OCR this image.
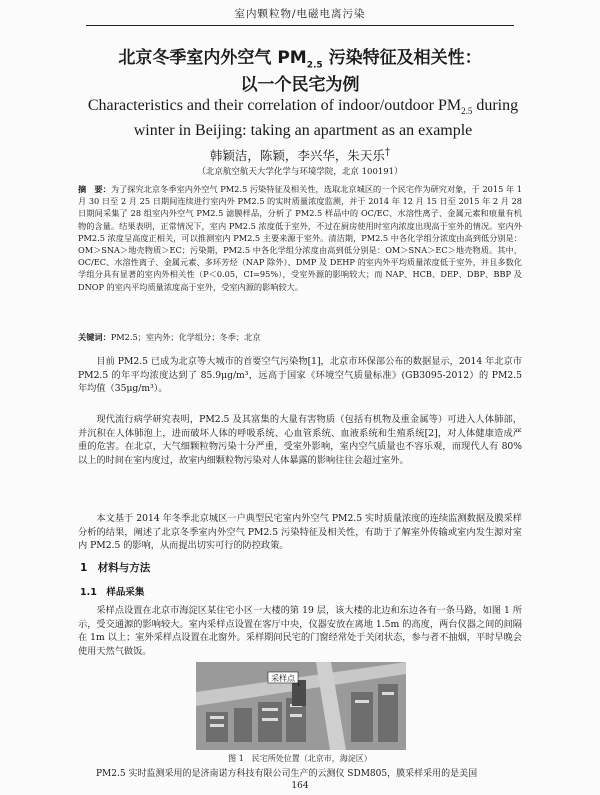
室内颗粒物/电磁电离污染
北京冬季室内外空气 $PM_{2.5}$ 污染特征及相关性：
以一个民宅为例
Characteristics and their correlation of indoor/outdoor $PM_{2.5}$ during
winter in Beijing: taking an apartment as an example
韩颖洁，陈颖，李兴华，朱天乐†
（北京航空航天大学化学与环境学院，北京 100191）
摘　要：为了探究北京冬季室内外空气 PM2.5 污染特征及相关性，选取北京城区的一个民宅作为研究对象，于 2015 年 1 月 30 日至 2 月 25 日期间连续进行室内外 PM2.5 的实时质量浓度监测，并于 2014 年 12 月 15 日至 2015 年 2 月 28 日期间采集了 28 组室内外空气 PM2.5 滤膜样品，分析了 PM2.5 样品中的 OC/EC、水溶性离子、金属元素和痕量有机物的含量。结果表明，正常情况下，室内 PM2.5 浓度低于室外，不过在厨房使用时室内浓度出现高于室外的情况。室内外 PM2.5 浓度呈高度正相关，可以推测室内 PM2.5 主要来源于室外。清洁期，PM2.5 中各化学组分浓度由高到低分别是：OM＞SNA＞地壳物质＞EC；污染期，PM2.5 中各化学组分浓度由高到低分别是：OM＞SNA＞EC＞地壳物质。其中，OC/EC、水溶性离子、金属元素、多环芳烃（NAP 除外）、DMP 及 DEHP 的室内外平均质量浓度低于室外，并且多数化学组分具有显著的室内外相关性（P＜0.05，CI=95%），受室外源的影响较大；而 NAP、HCB、DEP、DBP、BBP 及 DNOP 的室内平均质量浓度高于室外，受室内源的影响较大。
关键词：PM2.5；室内外；化学组分；冬季；北京

目前 PM2.5 已成为北京等大城市的首要空气污染物[1]，北京市环保部公布的数据显示，2014 年北京市 PM2.5 的年平均浓度达到了 85.9μg/m³，远高于国家《环境空气质量标准》(GB3095-2012）的 PM2.5 年均值（35μg/m³）。

现代流行病学研究表明，PM2.5 及其富集的大量有害物质（包括有机物及重金属等）可进入人体肺部，并沉积在人体肺泡上，进而破坏人体的呼吸系统、心血管系统、血液系统和生殖系统[2]，对人体健康造成严重的危害。在北京，大气细颗粒物污染十分严重，受室外影响，室内空气质量也不容乐观，而现代人有 80%以上的时间在室内度过，故室内细颗粒物污染对人体暴露的影响往往会超过室外。

本文基于 2014 年冬季北京城区一户典型民宅室内外空气 PM2.5 实时质量浓度的连续监测数据及膜采样分析的结果，阐述了北京冬季室内外空气 PM2.5 污染特征及相关性，有助于了解室外传输或室内发生源对室内 PM2.5 的影响，从而提出切实可行的防控政策。

1　材料与方法
1.1　样品采集

采样点设置在北京市海淀区某住宅小区一大楼的第 19 层，该大楼的北边和东边各有一条马路，如图 1 所示，受交通源的影响较大。室内采样点设置在客厅中央，仪器安放在离地 1.5m 的高度，两台仪器之间的间隔在 1m 以上；室外采样点设置在北窗外。采样期间民宅的门窗经常处于关闭状态，参与者不抽烟，平时早晚会使用天然气做饭。

采样点
图 1　民宅所处位置（北京市，海淀区）

PM2.5 实时监测采用的是济南诺方科技有限公司生产的云测仪 SDM805，膜采样采用的是美国

164
